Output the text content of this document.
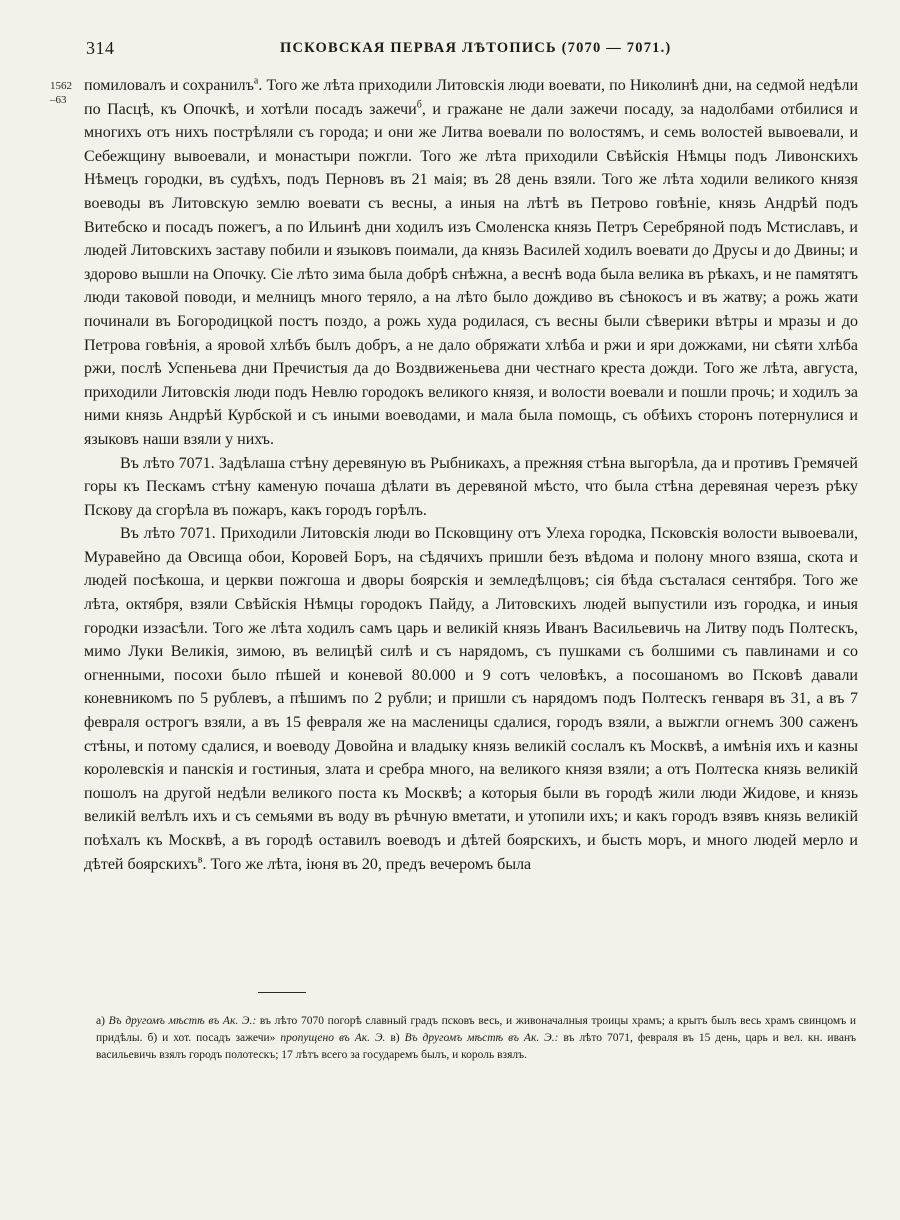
314	ПСКОВСКАЯ ПЕРВАЯ ЛѢТОПИСЬ (7070 — 7071.)
1562
–63

помиловалъ и сохранилъ$^а$. Того же лѣта приходили Литовскія люди воевати, по Николинѣ дни, на седмой недѣли по Пасцѣ, къ Опочкѣ, и хотѣли посадъ зажечи$^б$, и гражане не дали зажечи посаду, за надолбами отбилися и многихъ отъ нихъ пострѣляли съ города; и они же Литва воевали по волостямъ, и семь волостей вывоевали, и Себежщину вывоевали, и монастыри пожгли. Того же лѣта приходили Свѣйскія Нѣмцы подъ Ливонскихъ Нѣмецъ городки, въ судѣхъ, подъ Перновъ въ 21 маія; въ 28 день взяли. Того же лѣта ходили великого князя воеводы въ Литовскую землю воевати съ весны, а иныя на лѣтѣ въ Петрово говѣніе, князь Андрѣй подъ Витебско и посадъ пожегъ, а по Ильинѣ дни ходилъ изъ Смоленска князь Петръ Серебряной подъ Мстиславъ, и людей Литовскихъ заставу побили и языковъ поимали, да князь Василей ходилъ воевати до Друсы и до Двины; и здорово вышли на Опочку. Сіе лѣто зима была добрѣ снѣжна, а веснѣ вода была велика въ рѣкахъ, и не памятятъ люди таковой поводи, и мелницъ много теряло, а на лѣто было дождиво въ сѣнокосъ и въ жатву; а рожь жати починали въ Богородицкой постъ поздо, а рожь худа родилася, съ весны были сѣверики вѣтры и мразы и до Петрова говѣнія, а яровой хлѣбъ былъ добръ, а не дало обряжати хлѣба и ржи и яри дожжами, ни сѣяти хлѣба ржи, послѣ Успеньева дни Пречистыя да до Воздвиженьева дни честнаго креста дожди. Того же лѣта, августа, приходили Литовскія люди подъ Невлю городокъ великого князя, и волости воевали и пошли прочь; и ходилъ за ними князь Андрѣй Курбской и съ иными воеводами, и мала была помощь, съ обѣихъ сторонъ потернулися и языковъ наши взяли у нихъ.

Въ лѣто 7071. Задѣлаша стѣну деревяную въ Рыбникахъ, а прежняя стѣна выгорѣла, да и противъ Гремячей горы къ Пескамъ стѣну каменую почаша дѣлати въ деревяной мѣсто, что была стѣна деревяная черезъ рѣку Пскову да сгорѣла въ пожаръ, какъ городъ горѣлъ.

Въ лѣто 7071. Приходили Литовскія люди во Псковщину отъ Улеха городка, Псковскія волости вывоевали, Муравейно да Овсища обои, Коровей Боръ, на сѣдячихъ пришли безъ вѣдома и полону много взяша, скота и людей посѣкоша, и церкви пожгоша и дворы боярскія и земледѣлцовъ; сія бѣда състалася сентября. Того же лѣта, октября, взяли Свѣйскія Нѣмцы городокъ Пайду, а Литовскихъ людей выпустили изъ городка, и иныя городки иззасѣли. Того же лѣта ходилъ самъ царь и великій князь Иванъ Васильевичь на Литву подъ Полтескъ, мимо Луки Великія, зимою, въ велицѣй силѣ и съ нарядомъ, съ пушками съ болшими съ павлинами и со огненными, посохи было пѣшей и коневой 80.000 и 9 сотъ человѣкъ, а посошаномъ во Псковѣ давали коневникомъ по 5 рублевъ, а пѣшимъ по 2 рубли; и пришли съ нарядомъ подъ Полтескъ генваря въ 31, а въ 7 февраля острогъ взяли, а въ 15 февраля же на масленицы сдалися, городъ взяли, а выжгли огнемъ 300 саженъ стѣны, и потому сдалися, и воеводу Довойна и владыку князь великій сослалъ къ Москвѣ, а имѣнія ихъ и казны королевскія и панскія и гостиныя, злата и сребра много, на великого князя взяли; а отъ Полтеска князь великій пошолъ на другой недѣли великого поста къ Москвѣ; а которыя были въ городѣ жили люди Жидове, и князь великій велѣлъ ихъ и съ семьями въ воду въ рѣчную вметати, и утопили ихъ; и какъ городъ взявъ князь великій поѣхалъ къ Москвѣ, а въ городѣ оставилъ воеводъ и дѣтей боярскихъ, и бысть моръ, и много людей мерло и дѣтей боярскихъ$^в$. Того же лѣта, іюня въ 20, предъ вечеромъ была

а) Въ другомъ мѣстѣ въ Ак. Э.: въ лѣто 7070 погорѣ славный градъ псковъ весь, и живоначалныя троицы храмъ; а крытъ былъ весь храмъ свинцомъ и придѣлы. б) и хот. посадъ зажечи» пропущено въ Ак. Э. в) Въ другомъ мѣстѣ въ Ак. Э.: въ лѣто 7071, февраля въ 15 день, царь и вел. кн. иванъ васильевичь взялъ городъ полотескъ; 17 лѣтъ всего за государемъ былъ, и король взялъ.
